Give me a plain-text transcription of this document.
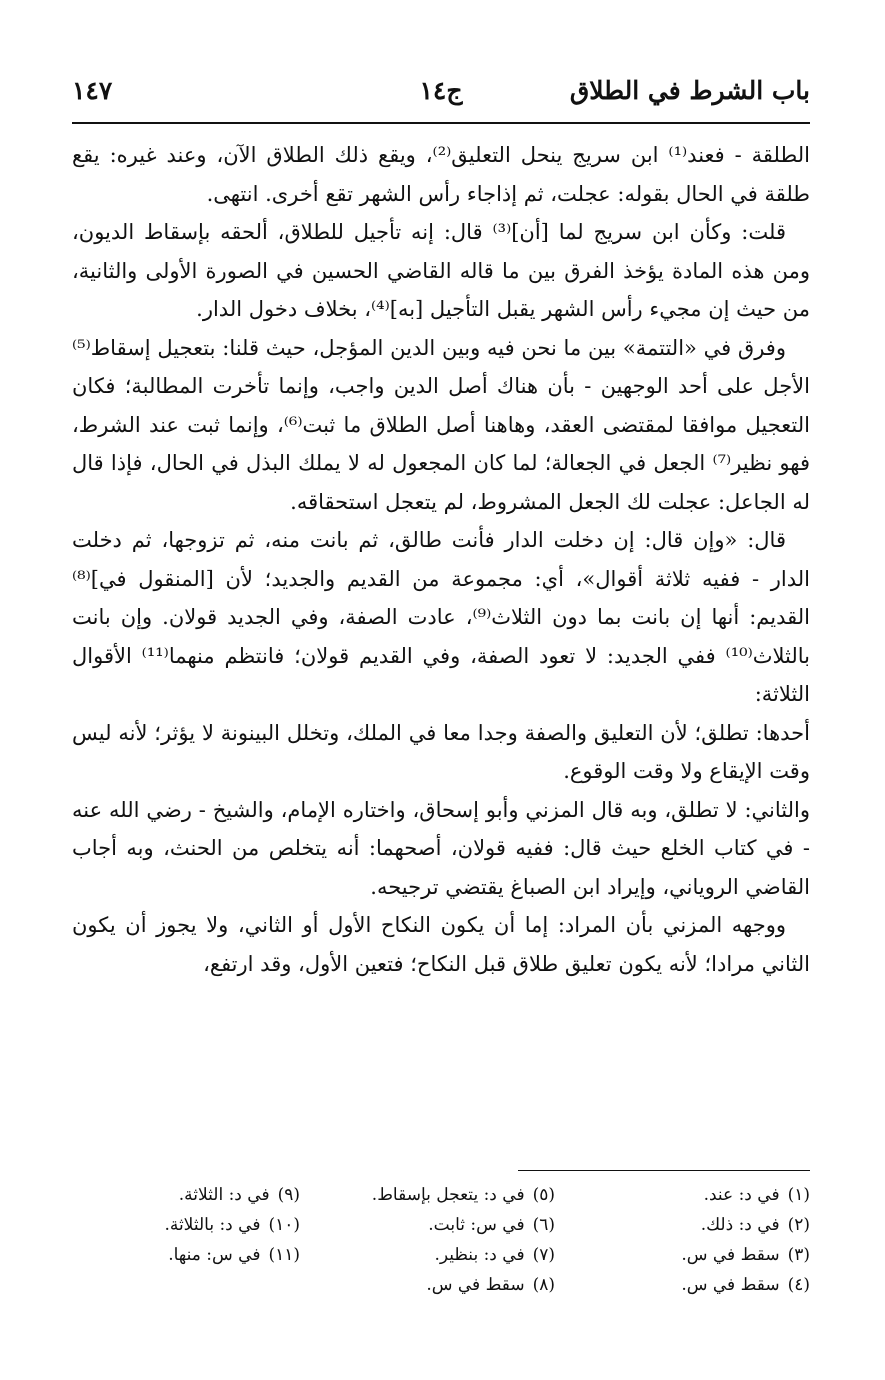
باب الشرط في الطلاق
ج١٤
١٤٧

الطلقة - فعند⁽¹⁾ ابن سريج ينحل التعليق⁽²⁾، ويقع ذلك الطلاق الآن، وعند غيره: يقع طلقة في الحال بقوله: عجلت، ثم إذاجاء رأس الشهر تقع أخرى. انتهى.

قلت: وكأن ابن سريج لما [أن]⁽³⁾ قال: إنه تأجيل للطلاق، ألحقه بإسقاط الديون، ومن هذه المادة يؤخذ الفرق بين ما قاله القاضي الحسين في الصورة الأولى والثانية، من حيث إن مجيء رأس الشهر يقبل التأجيل [به]⁽⁴⁾، بخلاف دخول الدار.

وفرق في «التتمة» بين ما نحن فيه وبين الدين المؤجل، حيث قلنا: بتعجيل إسقاط⁽⁵⁾ الأجل على أحد الوجهين - بأن هناك أصل الدين واجب، وإنما تأخرت المطالبة؛ فكان التعجيل موافقا لمقتضى العقد، وهاهنا أصل الطلاق ما ثبت⁽⁶⁾، وإنما ثبت عند الشرط، فهو نظير⁽⁷⁾ الجعل في الجعالة؛ لما كان المجعول له لا يملك البذل في الحال، فإذا قال له الجاعل: عجلت لك الجعل المشروط، لم يتعجل استحقاقه.

قال: «وإن قال: إن دخلت الدار فأنت طالق، ثم بانت منه، ثم تزوجها، ثم دخلت الدار - ففيه ثلاثة أقوال»، أي: مجموعة من القديم والجديد؛ لأن [المنقول في]⁽⁸⁾ القديم: أنها إن بانت بما دون الثلاث⁽⁹⁾، عادت الصفة، وفي الجديد قولان. وإن بانت بالثلاث⁽¹⁰⁾ ففي الجديد: لا تعود الصفة، وفي القديم قولان؛ فانتظم منهما⁽¹¹⁾ الأقوال الثلاثة:

أحدها: تطلق؛ لأن التعليق والصفة وجدا معا في الملك، وتخلل البينونة لا يؤثر؛ لأنه ليس وقت الإيقاع ولا وقت الوقوع.

والثاني: لا تطلق، وبه قال المزني وأبو إسحاق، واختاره الإمام، والشيخ - رضي الله عنه - في كتاب الخلع حيث قال: ففيه قولان، أصحهما: أنه يتخلص من الحنث، وبه أجاب القاضي الروياني، وإيراد ابن الصباغ يقتضي ترجيحه.

ووجهه المزني بأن المراد: إما أن يكون النكاح الأول أو الثاني، ولا يجوز أن يكون الثاني مرادا؛ لأنه يكون تعليق طلاق قبل النكاح؛ فتعين الأول، وقد ارتفع،

(١)في د: عند.
(٢)في د: ذلك.
(٣)سقط في س.
(٤)سقط في س.
(٥)في د: يتعجل بإسقاط.
(٦)في س: ثابت.
(٧)في د: بنظير.
(٨)سقط في س.
(٩)في د: الثلاثة.
(١٠)في د: بالثلاثة.
(١١)في س: منها.
